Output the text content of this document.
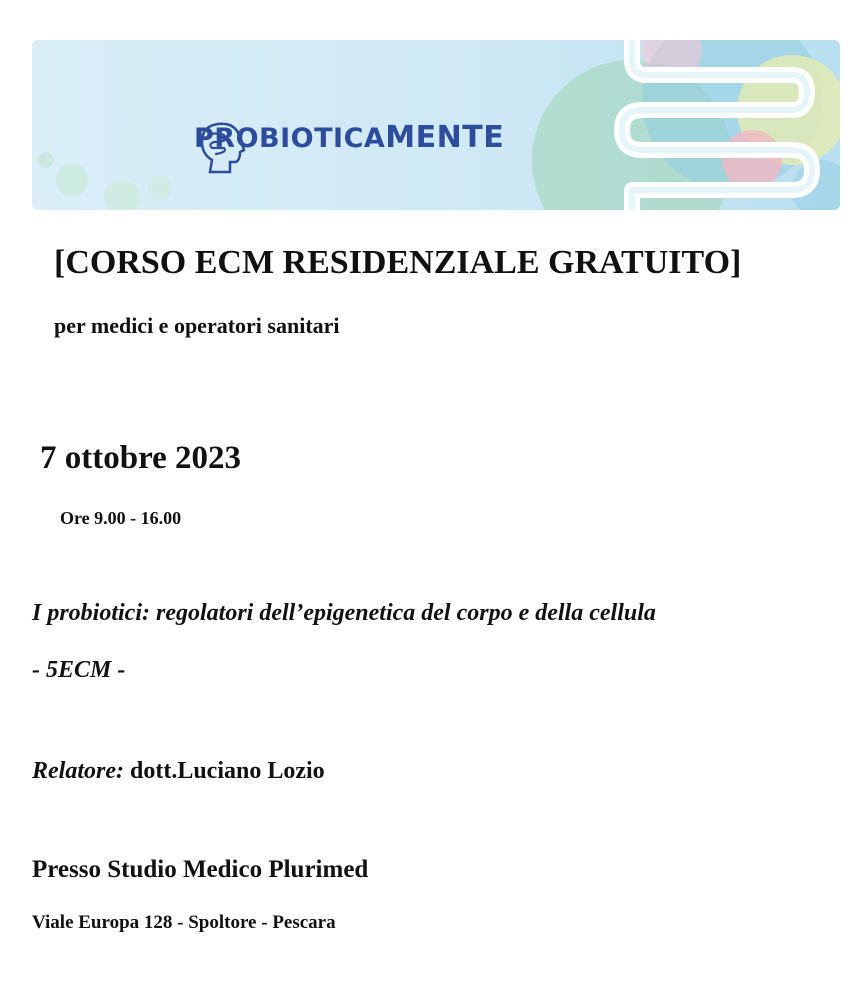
PROBIOTICAMENTE

[CORSO ECM RESIDENZIALE GRATUITO]

per medici e operatori sanitari

7 ottobre 2023

Ore 9.00 - 16.00

I probiotici: regolatori dell’epigenetica del corpo e della cellula

- 5ECM -

Relatore: dott.Luciano Lozio

Presso Studio Medico Plurimed

Viale Europa 128 - Spoltore - Pescara
